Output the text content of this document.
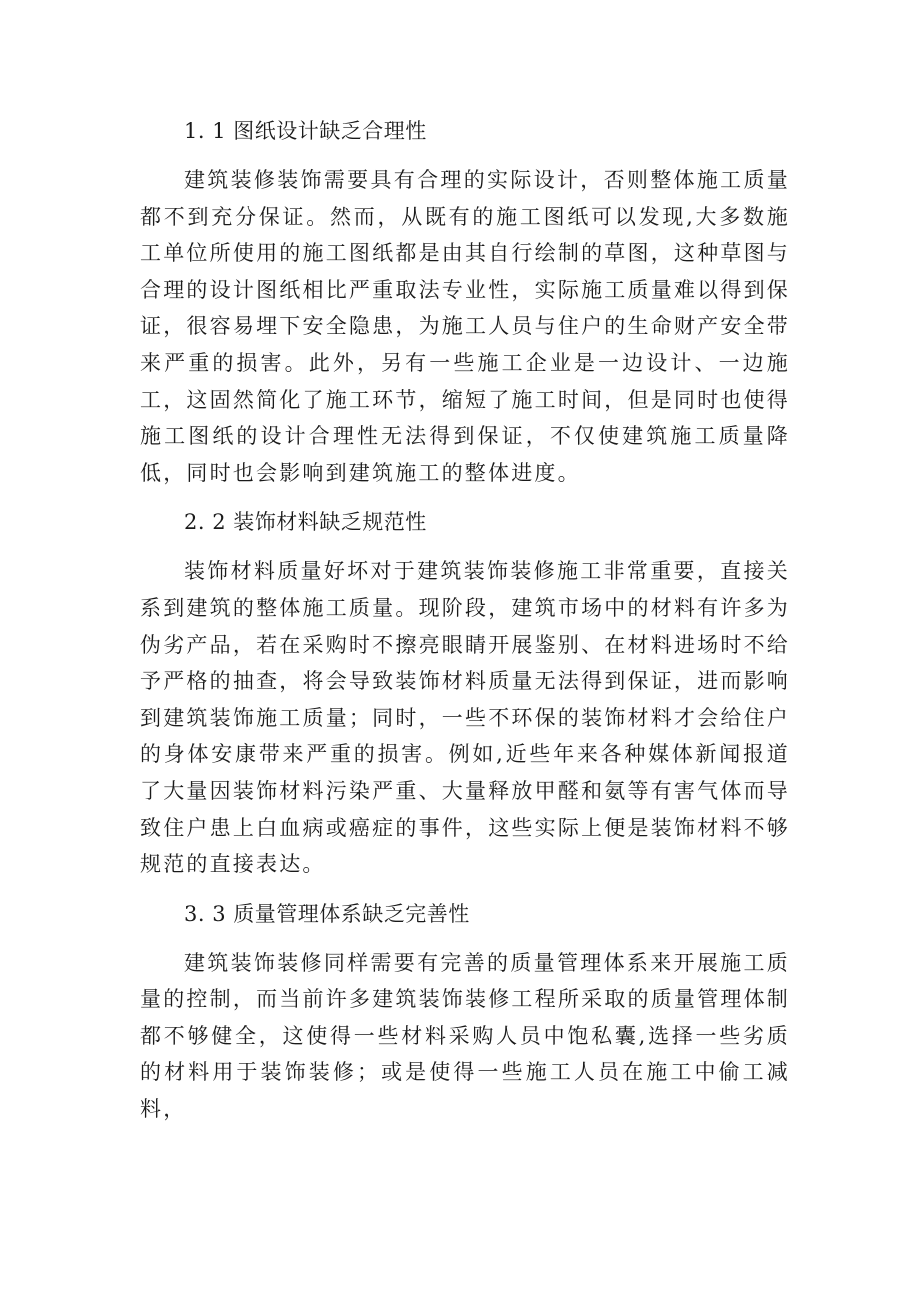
1. 1 图纸设计缺乏合理性
建筑装修装饰需要具有合理的实际设计，否则整体施工质量都不到充分保证。然而，从既有的施工图纸可以发现,大多数施工单位所使用的施工图纸都是由其自行绘制的草图，这种草图与合理的设计图纸相比严重取法专业性，实际施工质量难以得到保证，很容易埋下安全隐患，为施工人员与住户的生命财产安全带来严重的损害。此外，另有一些施工企业是一边设计、一边施工，这固然简化了施工环节，缩短了施工时间，但是同时也使得施工图纸的设计合理性无法得到保证，不仅使建筑施工质量降低，同时也会影响到建筑施工的整体进度。
2. 2 装饰材料缺乏规范性
装饰材料质量好坏对于建筑装饰装修施工非常重要，直接关系到建筑的整体施工质量。现阶段，建筑市场中的材料有许多为伪劣产品，若在采购时不擦亮眼睛开展鉴别、在材料进场时不给予严格的抽查，将会导致装饰材料质量无法得到保证，进而影响到建筑装饰施工质量；同时，一些不环保的装饰材料才会给住户的身体安康带来严重的损害。例如,近些年来各种媒体新闻报道了大量因装饰材料污染严重、大量释放甲醛和氨等有害气体而导致住户患上白血病或癌症的事件，这些实际上便是装饰材料不够规范的直接表达。
3. 3 质量管理体系缺乏完善性
建筑装饰装修同样需要有完善的质量管理体系来开展施工质量的控制，而当前许多建筑装饰装修工程所采取的质量管理体制都不够健全，这使得一些材料采购人员中饱私囊,选择一些劣质的材料用于装饰装修；或是使得一些施工人员在施工中偷工减料，
